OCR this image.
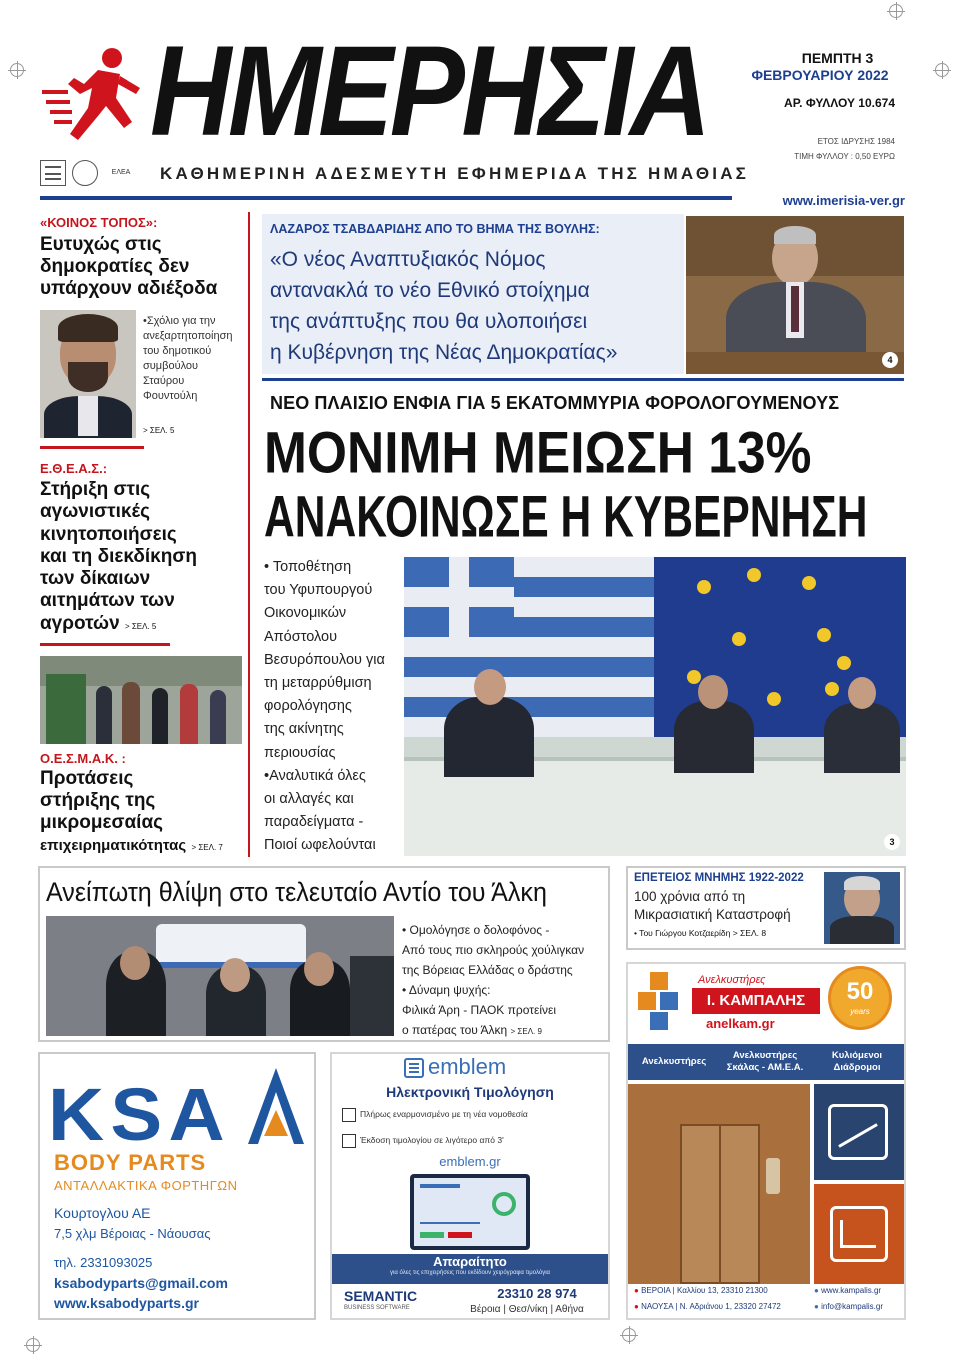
ΗΜΕΡΗΣΙΑ
ΕΛΕΑ	ΚΑΘΗΜΕΡΙΝΗ ΑΔΕΣΜΕΥΤΗ ΕΦΗΜΕΡΙΔΑ ΤΗΣ ΗΜΑΘΙΑΣ
ΠΕΜΠΤΗ 3
ΦΕΒΡΟΥΑΡΙΟΥ 2022
ΑΡ. ΦΥΛΛΟΥ 10.674
ΕΤΟΣ ΙΔΡΥΣΗΣ 1984
ΤΙΜΗ ΦΥΛΛΟΥ : 0,50 ΕΥΡΩ
www.imerisia-ver.gr
«ΚΟΙΝΟΣ ΤΟΠΟΣ»:
Ευτυχώς στις
δημοκρατίες δεν
υπάρχουν αδιέξοδα
•Σχόλιο για την
ανεξαρτητοποίηση
του δημοτικού
συμβούλου
Σταύρου
Φουντούλη
> ΣΕΛ. 5
Ε.Θ.Ε.Α.Σ.:
Στήριξη στις
αγωνιστικές
κινητοποιήσεις
και τη διεκδίκηση
των δίκαιων
αιτημάτων των
αγροτών > ΣΕΛ. 5
Ο.Ε.Σ.Μ.Α.Κ. :
Προτάσεις
στήριξης της
μικρομεσαίας
επιχειρηματικότητας > ΣΕΛ. 7
ΛΑΖΑΡΟΣ ΤΣΑΒΔΑΡΙΔΗΣ ΑΠΟ ΤΟ ΒΗΜΑ ΤΗΣ ΒΟΥΛΗΣ:
«Ο νέος Αναπτυξιακός Νόμος
αντανακλά το νέο Εθνικό στοίχημα
της ανάπτυξης που θα υλοποιήσει
η Κυβέρνηση της Νέας Δημοκρατίας»	4
ΝΕΟ ΠΛΑΙΣΙΟ ΕΝΦΙΑ ΓΙΑ 5 ΕΚΑΤΟΜΜΥΡΙΑ ΦΟΡΟΛΟΓΟΥΜΕΝΟΥΣ
ΜΟΝΙΜΗ ΜΕΙΩΣΗ 13%
ΑΝΑΚΟΙΝΩΣΕ Η ΚΥΒΕΡΝΗΣΗ
• Τοποθέτηση
του Υφυπουργού
Οικονομικών
Απόστολου
Βεσυρόπουλου για
τη μεταρρύθμιση
φορολόγησης
της ακίνητης
περιουσίας
•Αναλυτικά όλες
οι αλλαγές και
παραδείγματα -
Ποιοί ωφελούνται	3
Ανείπωτη θλίψη στο τελευταίο Αντίο του Άλκη
• Ομολόγησε ο δολοφόνος -
Από τους πιο σκληρούς χούλιγκαν
της Βόρειας Ελλάδας ο δράστης
• Δύναμη ψυχής:
Φιλικά Άρη - ΠΑΟΚ προτείνει
ο πατέρας του Άλκη > ΣΕΛ. 9
ΕΠΕΤΕΙΟΣ ΜΝΗΜΗΣ 1922-2022
100 χρόνια από τη
Μικρασιατική Καταστροφή
• Του Γιώργου Κοτζαερίδη > ΣΕΛ. 8
KSA
BODY PARTS
ΑΝΤΑΛΛΑΚΤΙΚΑ ΦΟΡΤΗΓΩΝ
Κουρτογλου ΑΕ
7,5 χλμ Βέροιας - Νάουσας
τηλ. 2331093025
ksabodyparts@gmail.com
www.ksabodyparts.gr
emblem
Ηλεκτρονική Τιμολόγηση
Πλήρως εναρμονισμένο με τη νέα νομοθεσία
Έκδοση τιμολογίου σε λιγότερο από 3'
emblem.gr
Απαραίτητο
για όλες τις επιχειρήσεις που εκδίδουν χειρόγραφα τιμολόγια
SEMANTIC
BUSINESS SOFTWARE
23310 28 974
Βέροια | Θεσ/νίκη | Αθήνα
Ανελκυστήρες
Ι. ΚΑΜΠΑΛΗΣ
anelkam.gr
50
years
Ανελκυστήρες
Ανελκυστήρες Σκάλας - ΑΜ.Ε.Α.
Κυλιόμενοι Διάδρομοι
● ΒΕΡΟΙΑ | Καλλίου 13, 23310 21300
● ΝΑΟΥΣΑ | Ν. Αδριάνου 1, 23320 27472
● www.kampalis.gr
● info@kampalis.gr
